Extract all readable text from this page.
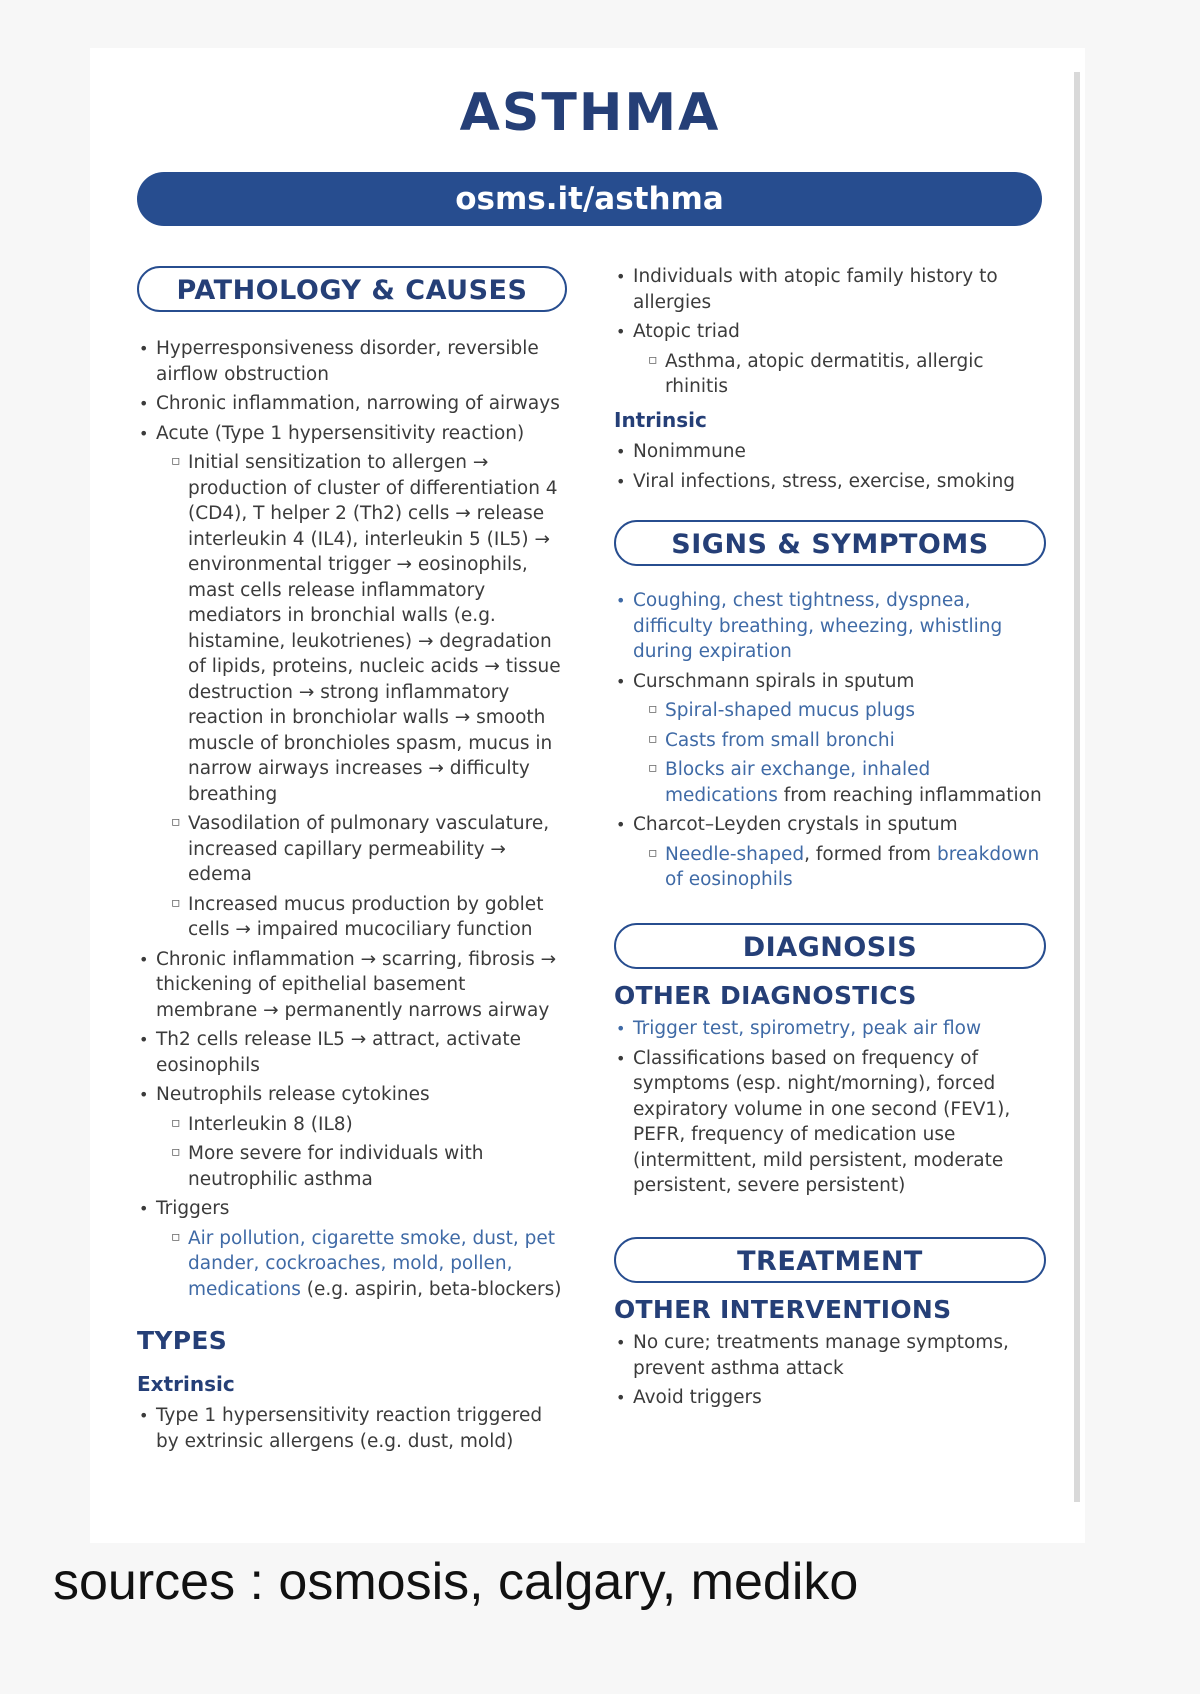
ASTHMA
osms.it/asthma
PATHOLOGY & CAUSES
• Hyperresponsiveness disorder, reversible airflow obstruction
• Chronic inflammation, narrowing of airways
• Acute (Type 1 hypersensitivity reaction)
▫ Initial sensitization to allergen → production of cluster of differentiation 4 (CD4), T helper 2 (Th2) cells → release interleukin 4 (IL4), interleukin 5 (IL5) → environmental trigger → eosinophils, mast cells release inflammatory mediators in bronchial walls (e.g. histamine, leukotrienes) → degradation of lipids, proteins, nucleic acids → tissue destruction → strong inflammatory reaction in bronchiolar walls → smooth muscle of bronchioles spasm, mucus in narrow airways increases → difficulty breathing
▫ Vasodilation of pulmonary vasculature, increased capillary permeability → edema
▫ Increased mucus production by goblet cells → impaired mucociliary function
• Chronic inflammation → scarring, fibrosis → thickening of epithelial basement membrane → permanently narrows airway
• Th2 cells release IL5 → attract, activate eosinophils
• Neutrophils release cytokines
▫ Interleukin 8 (IL8)
▫ More severe for individuals with neutrophilic asthma
• Triggers
▫ Air pollution, cigarette smoke, dust, pet dander, cockroaches, mold, pollen, medications (e.g. aspirin, beta-blockers)
TYPES
Extrinsic
• Type 1 hypersensitivity reaction triggered by extrinsic allergens (e.g. dust, mold)
• Individuals with atopic family history to allergies
• Atopic triad
▫ Asthma, atopic dermatitis, allergic rhinitis
Intrinsic
• Nonimmune
• Viral infections, stress, exercise, smoking
SIGNS & SYMPTOMS
• Coughing, chest tightness, dyspnea, difficulty breathing, wheezing, whistling during expiration
• Curschmann spirals in sputum
▫ Spiral-shaped mucus plugs
▫ Casts from small bronchi
▫ Blocks air exchange, inhaled medications from reaching inflammation
• Charcot–Leyden crystals in sputum
▫ Needle-shaped, formed from breakdown of eosinophils
DIAGNOSIS
OTHER DIAGNOSTICS
• Trigger test, spirometry, peak air flow
• Classifications based on frequency of symptoms (esp. night/morning), forced expiratory volume in one second (FEV1), PEFR, frequency of medication use (intermittent, mild persistent, moderate persistent, severe persistent)
TREATMENT
OTHER INTERVENTIONS
• No cure; treatments manage symptoms, prevent asthma attack
• Avoid triggers
sources : osmosis, calgary, mediko
